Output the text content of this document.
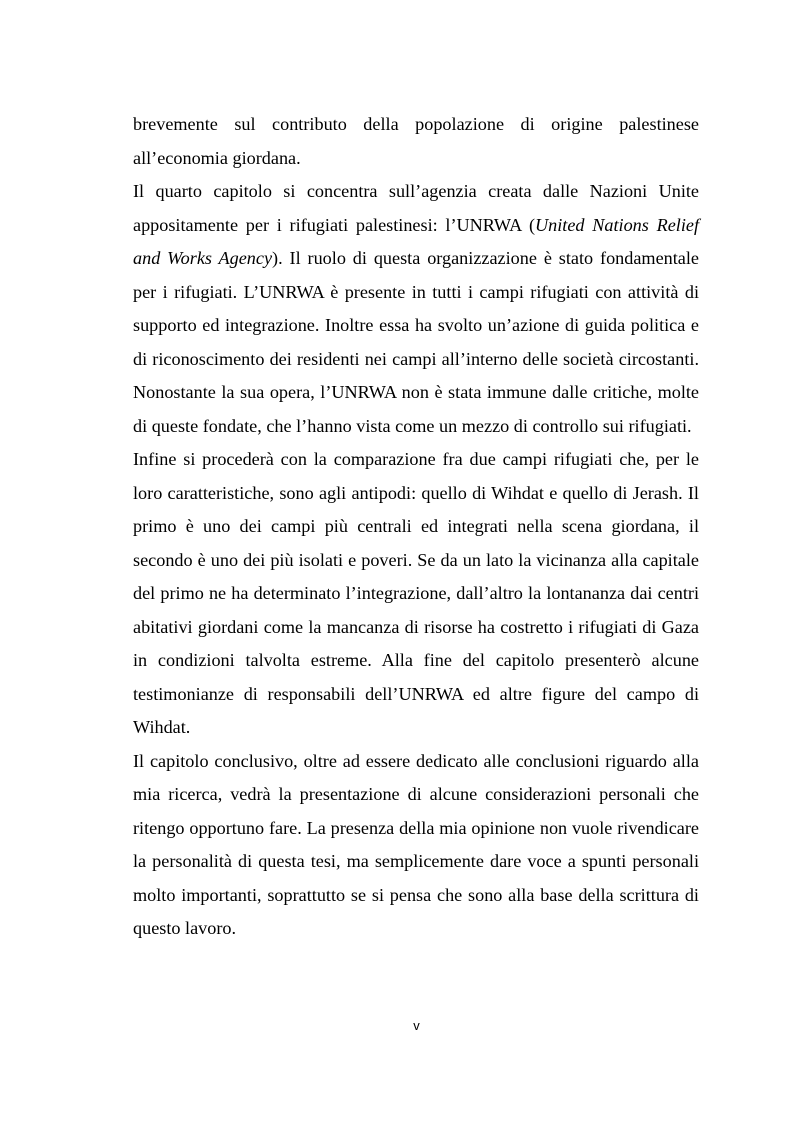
brevemente sul contributo della popolazione di origine palestinese all’economia giordana.

Il quarto capitolo si concentra sull’agenzia creata dalle Nazioni Unite appositamente per i rifugiati palestinesi: l’UNRWA (United Nations Relief and Works Agency). Il ruolo di questa organizzazione è stato fondamentale per i rifugiati. L’UNRWA è presente in tutti i campi rifugiati con attività di supporto ed integrazione. Inoltre essa ha svolto un’azione di guida politica e di riconoscimento dei residenti nei campi all’interno delle società circostanti. Nonostante la sua opera, l’UNRWA non è stata immune dalle critiche, molte di queste fondate, che l’hanno vista come un mezzo di controllo sui rifugiati.

Infine si procederà con la comparazione fra due campi rifugiati che, per le loro caratteristiche, sono agli antipodi: quello di Wihdat e quello di Jerash. Il primo è uno dei campi più centrali ed integrati nella scena giordana, il secondo è uno dei più isolati e poveri. Se da un lato la vicinanza alla capitale del primo ne ha determinato l’integrazione, dall’altro la lontananza dai centri abitativi giordani come la mancanza di risorse ha costretto i rifugiati di Gaza in condizioni talvolta estreme. Alla fine del capitolo presenterò alcune testimonianze di responsabili dell’UNRWA ed altre figure del campo di Wihdat.

Il capitolo conclusivo, oltre ad essere dedicato alle conclusioni riguardo alla mia ricerca, vedrà la presentazione di alcune considerazioni personali che ritengo opportuno fare. La presenza della mia opinione non vuole rivendicare la personalità di questa tesi, ma semplicemente dare voce a spunti personali molto importanti, soprattutto se si pensa che sono alla base della scrittura di questo lavoro.

v
